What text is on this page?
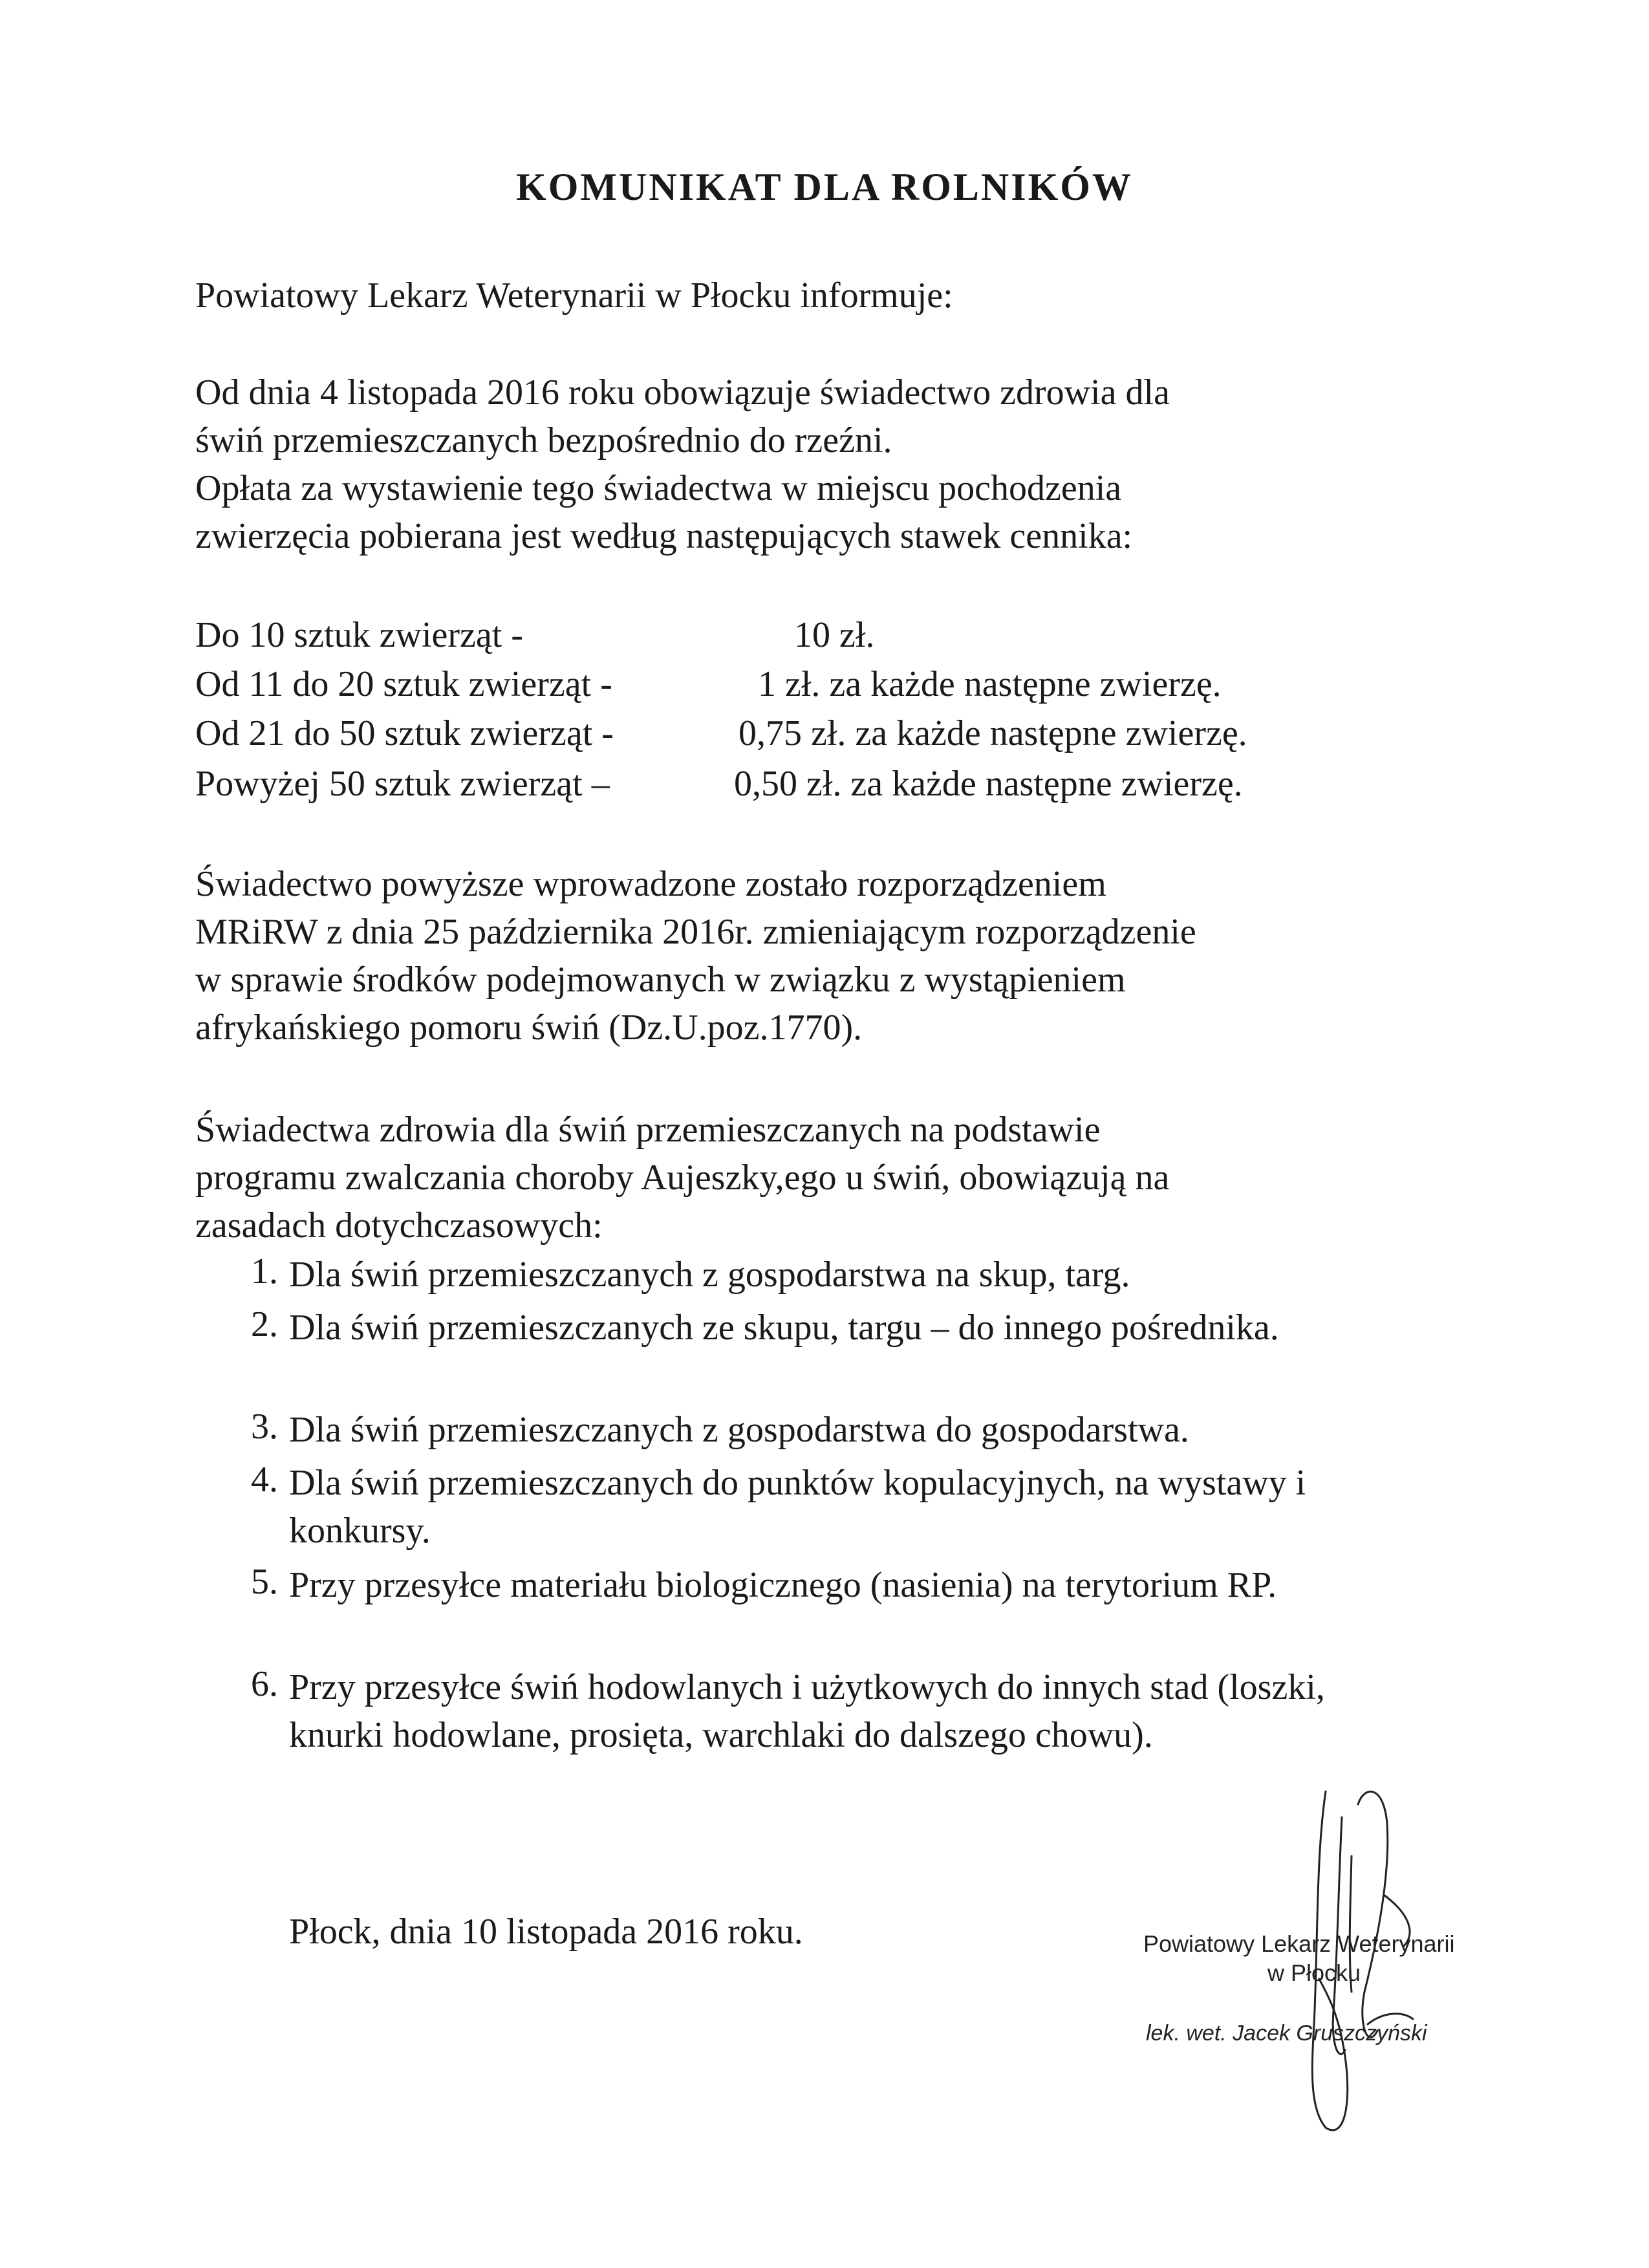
KOMUNIKAT DLA ROLNIKÓW
Powiatowy Lekarz Weterynarii w Płocku informuje:
Od dnia 4 listopada 2016 roku obowiązuje świadectwo zdrowia dla
świń przemieszczanych bezpośrednio do rzeźni.
Opłata za wystawienie tego świadectwa w miejscu pochodzenia
zwierzęcia pobierana jest według następujących stawek cennika:
Do 10 sztuk zwierząt -	10 zł.
Od 11 do 20 sztuk zwierząt -	1 zł. za każde następne zwierzę.
Od 21 do 50 sztuk zwierząt -	0,75 zł. za każde następne zwierzę.
Powyżej 50 sztuk zwierząt –	0,50 zł. za każde następne zwierzę.
Świadectwo powyższe wprowadzone zostało rozporządzeniem
MRiRW z dnia 25 października 2016r. zmieniającym rozporządzenie
w sprawie środków podejmowanych w związku z wystąpieniem
afrykańskiego pomoru świń (Dz.U.poz.1770).
Świadectwa zdrowia dla świń przemieszczanych na podstawie
programu zwalczania choroby Aujeszky,ego u świń, obowiązują na
zasadach dotychczasowych:
1. Dla świń przemieszczanych z gospodarstwa na skup, targ.
2. Dla świń przemieszczanych ze skupu, targu – do innego pośrednika.
3. Dla świń przemieszczanych z gospodarstwa do gospodarstwa.
4. Dla świń przemieszczanych do punktów kopulacyjnych, na wystawy i konkursy.
5. Przy przesyłce materiału biologicznego (nasienia) na terytorium RP.
6. Przy przesyłce świń hodowlanych i użytkowych do innych stad (loszki, knurki hodowlane, prosięta, warchlaki do dalszego chowu).
Płock, dnia 10 listopada 2016 roku.	Powiatowy Lekarz Weterynarii
w Płocku
lek. wet. Jacek Gruszczyński
